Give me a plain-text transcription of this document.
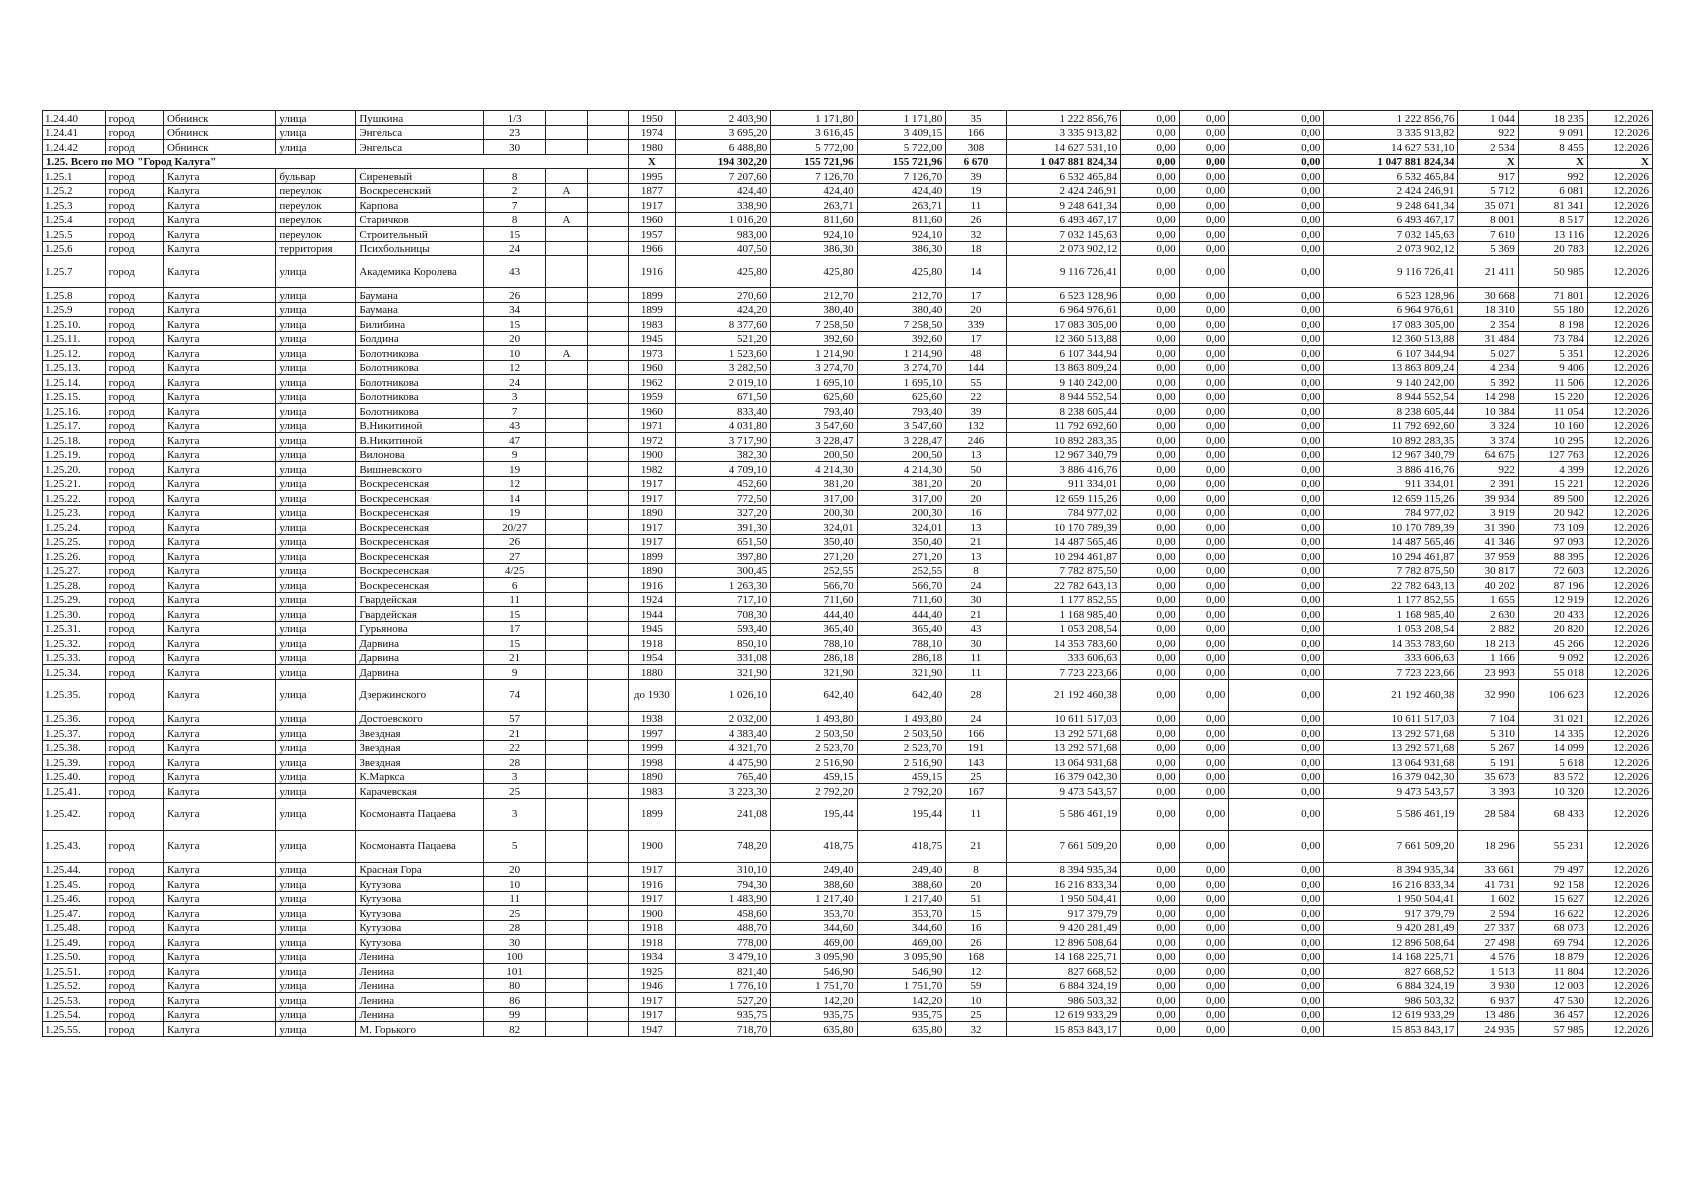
1.24.40	город	Обнинск	улица	Пушкина	1/3			1950	2 403,90	1 171,80	1 171,80	35	1 222 856,76	0,00	0,00	0,00	1 222 856,76	1 044	18 235	12.2026
1.24.41	город	Обнинск	улица	Энгельса	23			1974	3 695,20	3 616,45	3 409,15	166	3 335 913,82	0,00	0,00	0,00	3 335 913,82	922	9 091	12.2026
1.24.42	город	Обнинск	улица	Энгельса	30			1980	6 488,80	5 772,00	5 722,00	308	14 627 531,10	0,00	0,00	0,00	14 627 531,10	2 534	8 455	12.2026
1.25. Всего по МО "Город Калуга"								X	194 302,20	155 721,96	155 721,96	6 670	1 047 881 824,34	0,00	0,00	0,00	1 047 881 824,34	X	X	X
1.25.1	город	Калуга	бульвар	Сиреневый	8			1995	7 207,60	7 126,70	7 126,70	39	6 532 465,84	0,00	0,00	0,00	6 532 465,84	917	992	12.2026
1.25.2	город	Калуга	переулок	Воскресенский	2	А		1877	424,40	424,40	424,40	19	2 424 246,91	0,00	0,00	0,00	2 424 246,91	5 712	6 081	12.2026
1.25.3	город	Калуга	переулок	Карпова	7			1917	338,90	263,71	263,71	11	9 248 641,34	0,00	0,00	0,00	9 248 641,34	35 071	81 341	12.2026
1.25.4	город	Калуга	переулок	Старичков	8	А		1960	1 016,20	811,60	811,60	26	6 493 467,17	0,00	0,00	0,00	6 493 467,17	8 001	8 517	12.2026
1.25.5	город	Калуга	переулок	Строительный	15			1957	983,00	924,10	924,10	32	7 032 145,63	0,00	0,00	0,00	7 032 145,63	7 610	13 116	12.2026
1.25.6	город	Калуга	территория	Психбольницы	24			1966	407,50	386,30	386,30	18	2 073 902,12	0,00	0,00	0,00	2 073 902,12	5 369	20 783	12.2026
1.25.7	город	Калуга	улица	Академика Королева	43			1916	425,80	425,80	425,80	14	9 116 726,41	0,00	0,00	0,00	9 116 726,41	21 411	50 985	12.2026
1.25.8	город	Калуга	улица	Баумана	26			1899	270,60	212,70	212,70	17	6 523 128,96	0,00	0,00	0,00	6 523 128,96	30 668	71 801	12.2026
1.25.9	город	Калуга	улица	Баумана	34			1899	424,20	380,40	380,40	20	6 964 976,61	0,00	0,00	0,00	6 964 976,61	18 310	55 180	12.2026
1.25.10.	город	Калуга	улица	Билибина	15			1983	8 377,60	7 258,50	7 258,50	339	17 083 305,00	0,00	0,00	0,00	17 083 305,00	2 354	8 198	12.2026
1.25.11.	город	Калуга	улица	Болдина	20			1945	521,20	392,60	392,60	17	12 360 513,88	0,00	0,00	0,00	12 360 513,88	31 484	73 784	12.2026
1.25.12.	город	Калуга	улица	Болотникова	10	А		1973	1 523,60	1 214,90	1 214,90	48	6 107 344,94	0,00	0,00	0,00	6 107 344,94	5 027	5 351	12.2026
1.25.13.	город	Калуга	улица	Болотникова	12			1960	3 282,50	3 274,70	3 274,70	144	13 863 809,24	0,00	0,00	0,00	13 863 809,24	4 234	9 406	12.2026
1.25.14.	город	Калуга	улица	Болотникова	24			1962	2 019,10	1 695,10	1 695,10	55	9 140 242,00	0,00	0,00	0,00	9 140 242,00	5 392	11 506	12.2026
1.25.15.	город	Калуга	улица	Болотникова	3			1959	671,50	625,60	625,60	22	8 944 552,54	0,00	0,00	0,00	8 944 552,54	14 298	15 220	12.2026
1.25.16.	город	Калуга	улица	Болотникова	7			1960	833,40	793,40	793,40	39	8 238 605,44	0,00	0,00	0,00	8 238 605,44	10 384	11 054	12.2026
1.25.17.	город	Калуга	улица	В.Никитиной	43			1971	4 031,80	3 547,60	3 547,60	132	11 792 692,60	0,00	0,00	0,00	11 792 692,60	3 324	10 160	12.2026
1.25.18.	город	Калуга	улица	В.Никитиной	47			1972	3 717,90	3 228,47	3 228,47	246	10 892 283,35	0,00	0,00	0,00	10 892 283,35	3 374	10 295	12.2026
1.25.19.	город	Калуга	улица	Вилонова	9			1900	382,30	200,50	200,50	13	12 967 340,79	0,00	0,00	0,00	12 967 340,79	64 675	127 763	12.2026
1.25.20.	город	Калуга	улица	Вишневского	19			1982	4 709,10	4 214,30	4 214,30	50	3 886 416,76	0,00	0,00	0,00	3 886 416,76	922	4 399	12.2026
1.25.21.	город	Калуга	улица	Воскресенская	12			1917	452,60	381,20	381,20	20	911 334,01	0,00	0,00	0,00	911 334,01	2 391	15 221	12.2026
1.25.22.	город	Калуга	улица	Воскресенская	14			1917	772,50	317,00	317,00	20	12 659 115,26	0,00	0,00	0,00	12 659 115,26	39 934	89 500	12.2026
1.25.23.	город	Калуга	улица	Воскресенская	19			1890	327,20	200,30	200,30	16	784 977,02	0,00	0,00	0,00	784 977,02	3 919	20 942	12.2026
1.25.24.	город	Калуга	улица	Воскресенская	20/27			1917	391,30	324,01	324,01	13	10 170 789,39	0,00	0,00	0,00	10 170 789,39	31 390	73 109	12.2026
1.25.25.	город	Калуга	улица	Воскресенская	26			1917	651,50	350,40	350,40	21	14 487 565,46	0,00	0,00	0,00	14 487 565,46	41 346	97 093	12.2026
1.25.26.	город	Калуга	улица	Воскресенская	27			1899	397,80	271,20	271,20	13	10 294 461,87	0,00	0,00	0,00	10 294 461,87	37 959	88 395	12.2026
1.25.27.	город	Калуга	улица	Воскресенская	4/25			1890	300,45	252,55	252,55	8	7 782 875,50	0,00	0,00	0,00	7 782 875,50	30 817	72 603	12.2026
1.25.28.	город	Калуга	улица	Воскресенская	6			1916	1 263,30	566,70	566,70	24	22 782 643,13	0,00	0,00	0,00	22 782 643,13	40 202	87 196	12.2026
1.25.29.	город	Калуга	улица	Гвардейская	11			1924	717,10	711,60	711,60	30	1 177 852,55	0,00	0,00	0,00	1 177 852,55	1 655	12 919	12.2026
1.25.30.	город	Калуга	улица	Гвардейская	15			1944	708,30	444,40	444,40	21	1 168 985,40	0,00	0,00	0,00	1 168 985,40	2 630	20 433	12.2026
1.25.31.	город	Калуга	улица	Гурьянова	17			1945	593,40	365,40	365,40	43	1 053 208,54	0,00	0,00	0,00	1 053 208,54	2 882	20 820	12.2026
1.25.32.	город	Калуга	улица	Дарвина	15			1918	850,10	788,10	788,10	30	14 353 783,60	0,00	0,00	0,00	14 353 783,60	18 213	45 266	12.2026
1.25.33.	город	Калуга	улица	Дарвина	21			1954	331,08	286,18	286,18	11	333 606,63	0,00	0,00	0,00	333 606,63	1 166	9 092	12.2026
1.25.34.	город	Калуга	улица	Дарвина	9			1880	321,90	321,90	321,90	11	7 723 223,66	0,00	0,00	0,00	7 723 223,66	23 993	55 018	12.2026
1.25.35.	город	Калуга	улица	Дзержинского	74			до 1930	1 026,10	642,40	642,40	28	21 192 460,38	0,00	0,00	0,00	21 192 460,38	32 990	106 623	12.2026
1.25.36.	город	Калуга	улица	Достоевского	57			1938	2 032,00	1 493,80	1 493,80	24	10 611 517,03	0,00	0,00	0,00	10 611 517,03	7 104	31 021	12.2026
1.25.37.	город	Калуга	улица	Звездная	21			1997	4 383,40	2 503,50	2 503,50	166	13 292 571,68	0,00	0,00	0,00	13 292 571,68	5 310	14 335	12.2026
1.25.38.	город	Калуга	улица	Звездная	22			1999	4 321,70	2 523,70	2 523,70	191	13 292 571,68	0,00	0,00	0,00	13 292 571,68	5 267	14 099	12.2026
1.25.39.	город	Калуга	улица	Звездная	28			1998	4 475,90	2 516,90	2 516,90	143	13 064 931,68	0,00	0,00	0,00	13 064 931,68	5 191	5 618	12.2026
1.25.40.	город	Калуга	улица	К.Маркса	3			1890	765,40	459,15	459,15	25	16 379 042,30	0,00	0,00	0,00	16 379 042,30	35 673	83 572	12.2026
1.25.41.	город	Калуга	улица	Карачевская	25			1983	3 223,30	2 792,20	2 792,20	167	9 473 543,57	0,00	0,00	0,00	9 473 543,57	3 393	10 320	12.2026
1.25.42.	город	Калуга	улица	Космонавта Пацаева	3			1899	241,08	195,44	195,44	11	5 586 461,19	0,00	0,00	0,00	5 586 461,19	28 584	68 433	12.2026
1.25.43.	город	Калуга	улица	Космонавта Пацаева	5			1900	748,20	418,75	418,75	21	7 661 509,20	0,00	0,00	0,00	7 661 509,20	18 296	55 231	12.2026
1.25.44.	город	Калуга	улица	Красная Гора	20			1917	310,10	249,40	249,40	8	8 394 935,34	0,00	0,00	0,00	8 394 935,34	33 661	79 497	12.2026
1.25.45.	город	Калуга	улица	Кутузова	10			1916	794,30	388,60	388,60	20	16 216 833,34	0,00	0,00	0,00	16 216 833,34	41 731	92 158	12.2026
1.25.46.	город	Калуга	улица	Кутузова	11			1917	1 483,90	1 217,40	1 217,40	51	1 950 504,41	0,00	0,00	0,00	1 950 504,41	1 602	15 627	12.2026
1.25.47.	город	Калуга	улица	Кутузова	25			1900	458,60	353,70	353,70	15	917 379,79	0,00	0,00	0,00	917 379,79	2 594	16 622	12.2026
1.25.48.	город	Калуга	улица	Кутузова	28			1918	488,70	344,60	344,60	16	9 420 281,49	0,00	0,00	0,00	9 420 281,49	27 337	68 073	12.2026
1.25.49.	город	Калуга	улица	Кутузова	30			1918	778,00	469,00	469,00	26	12 896 508,64	0,00	0,00	0,00	12 896 508,64	27 498	69 794	12.2026
1.25.50.	город	Калуга	улица	Ленина	100			1934	3 479,10	3 095,90	3 095,90	168	14 168 225,71	0,00	0,00	0,00	14 168 225,71	4 576	18 879	12.2026
1.25.51.	город	Калуга	улица	Ленина	101			1925	821,40	546,90	546,90	12	827 668,52	0,00	0,00	0,00	827 668,52	1 513	11 804	12.2026
1.25.52.	город	Калуга	улица	Ленина	80			1946	1 776,10	1 751,70	1 751,70	59	6 884 324,19	0,00	0,00	0,00	6 884 324,19	3 930	12 003	12.2026
1.25.53.	город	Калуга	улица	Ленина	86			1917	527,20	142,20	142,20	10	986 503,32	0,00	0,00	0,00	986 503,32	6 937	47 530	12.2026
1.25.54.	город	Калуга	улица	Ленина	99			1917	935,75	935,75	935,75	25	12 619 933,29	0,00	0,00	0,00	12 619 933,29	13 486	36 457	12.2026
1.25.55.	город	Калуга	улица	М. Горького	82			1947	718,70	635,80	635,80	32	15 853 843,17	0,00	0,00	0,00	15 853 843,17	24 935	57 985	12.2026
